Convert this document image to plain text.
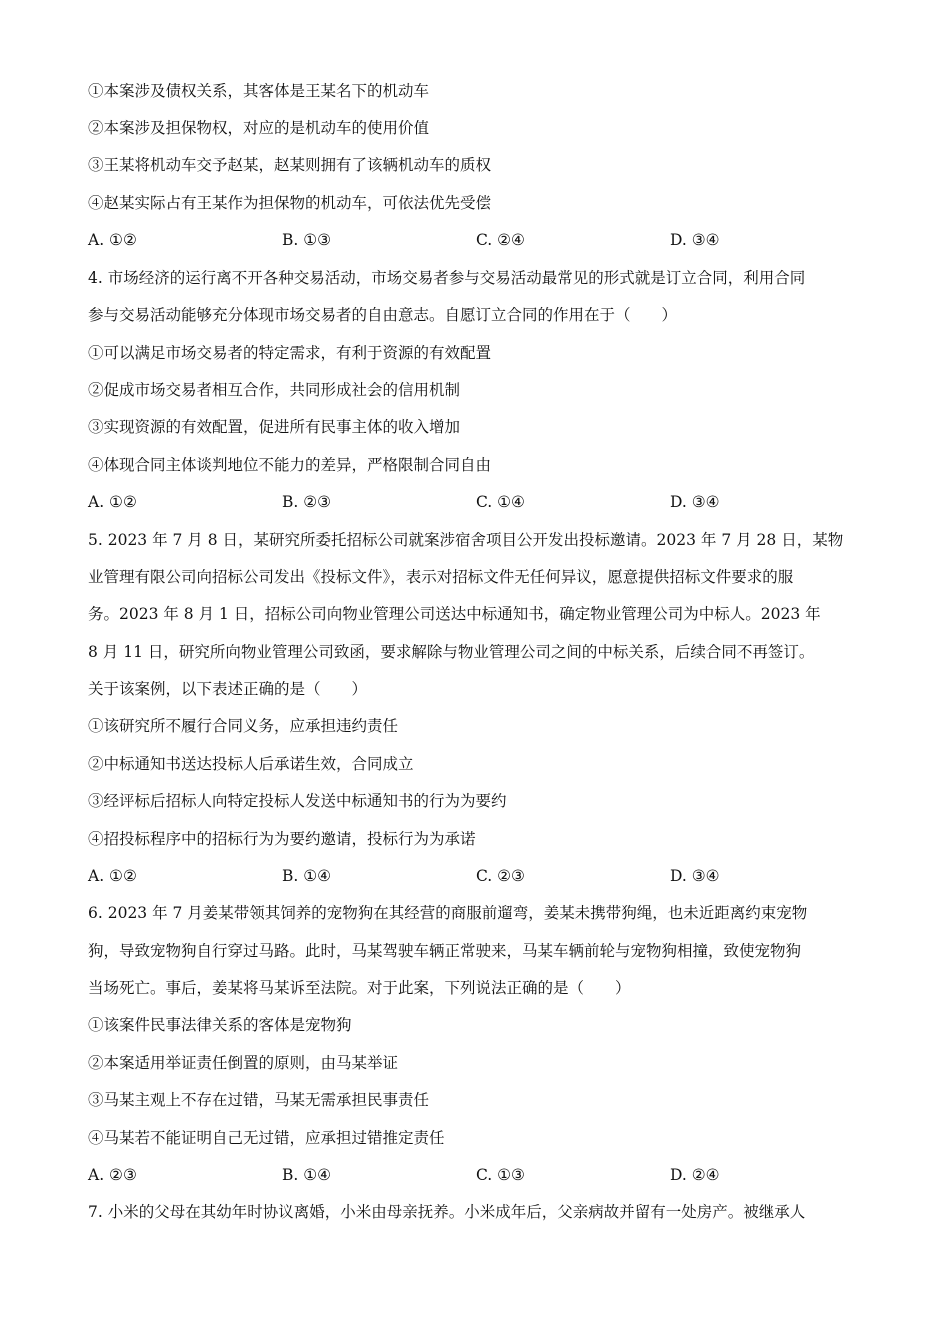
①本案涉及债权关系，其客体是王某名下的机动车
②本案涉及担保物权，对应的是机动车的使用价值
③王某将机动车交予赵某，赵某则拥有了该辆机动车的质权
④赵某实际占有王某作为担保物的机动车，可依法优先受偿
A. ①②	B. ①③	C. ②④	D. ③④
4. 市场经济的运行离不开各种交易活动，市场交易者参与交易活动最常见的形式就是订立合同，利用合同
参与交易活动能够充分体现市场交易者的自由意志。自愿订立合同的作用在于（　　）
①可以满足市场交易者的特定需求，有利于资源的有效配置
②促成市场交易者相互合作，共同形成社会的信用机制
③实现资源的有效配置，促进所有民事主体的收入增加
④体现合同主体谈判地位不能力的差异，严格限制合同自由
A. ①②	B. ②③	C. ①④	D. ③④
5. 2023 年 7 月 8 日，某研究所委托招标公司就案涉宿舍项目公开发出投标邀请。2023 年 7 月 28 日，某物
业管理有限公司向招标公司发出《投标文件》，表示对招标文件无任何异议，愿意提供招标文件要求的服
务。2023 年 8 月 1 日，招标公司向物业管理公司送达中标通知书，确定物业管理公司为中标人。2023 年
8 月 11 日，研究所向物业管理公司致函，要求解除与物业管理公司之间的中标关系，后续合同不再签订。
关于该案例，以下表述正确的是（　　）
①该研究所不履行合同义务，应承担违约责任
②中标通知书送达投标人后承诺生效，合同成立
③经评标后招标人向特定投标人发送中标通知书的行为为要约
④招投标程序中的招标行为为要约邀请，投标行为为承诺
A. ①②	B. ①④	C. ②③	D. ③④
6. 2023 年 7 月姜某带领其饲养的宠物狗在其经营的商服前遛弯，姜某未携带狗绳，也未近距离约束宠物
狗，导致宠物狗自行穿过马路。此时，马某驾驶车辆正常驶来，马某车辆前轮与宠物狗相撞，致使宠物狗
当场死亡。事后，姜某将马某诉至法院。对于此案，下列说法正确的是（　　）
①该案件民事法律关系的客体是宠物狗
②本案适用举证责任倒置的原则，由马某举证
③马某主观上不存在过错，马某无需承担民事责任
④马某若不能证明自己无过错，应承担过错推定责任
A. ②③	B. ①④	C. ①③	D. ②④
7. 小米的父母在其幼年时协议离婚，小米由母亲抚养。小米成年后，父亲病故并留有一处房产。被继承人
